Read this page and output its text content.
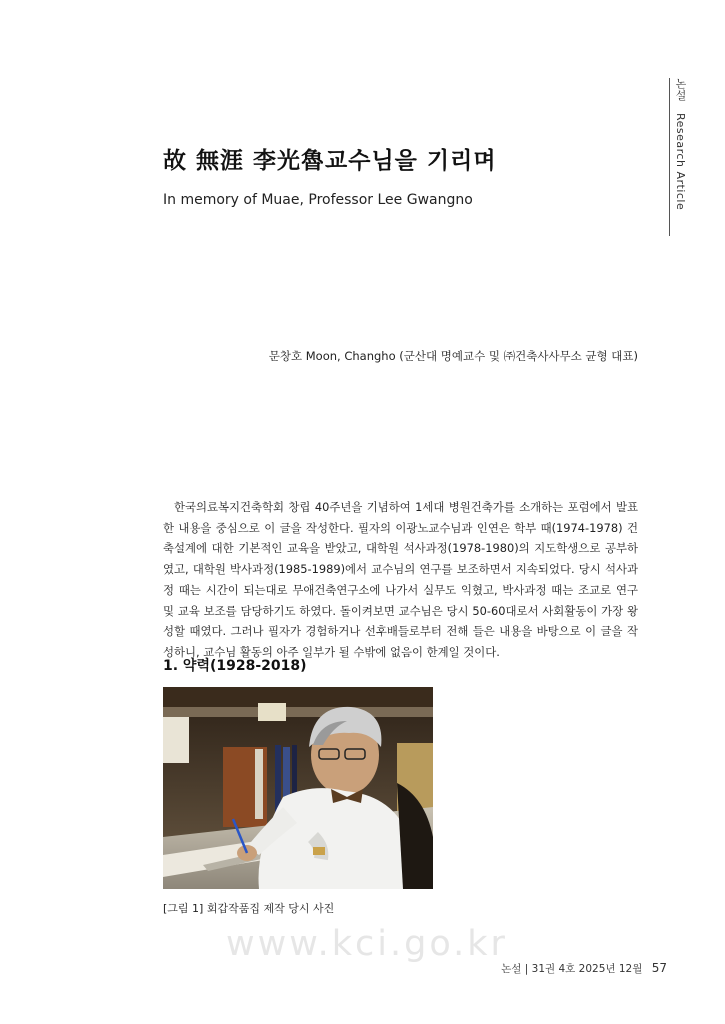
논설 Research Article
故 無涯 李光魯교수님을 기리며

In memory of Muae, Professor Lee Gwangno

문창호 Moon, Changho (군산대 명예교수 및 ㈜건축사사무소 균형 대표)

한국의료복지건축학회 창립 40주년을 기념하여 1세대 병원건축가를 소개하는 포럼에서 발표한 내용을 중심으로 이 글을 작성한다. 필자의 이광노교수님과 인연은 학부 때(1974-1978) 건축설계에 대한 기본적인 교육을 받았고, 대학원 석사과정(1978-1980)의 지도학생으로 공부하였고, 대학원 박사과정(1985-1989)에서 교수님의 연구를 보조하면서 지속되었다. 당시 석사과정 때는 시간이 되는대로 무애건축연구소에 나가서 실무도 익혔고, 박사과정 때는 조교로 연구 및 교육 보조를 담당하기도 하였다. 돌이켜보면 교수님은 당시 50-60대로서 사회활동이 가장 왕성할 때였다. 그러나 필자가 경험하거나 선후배들로부터 전해 들은 내용을 바탕으로 이 글을 작성하니, 교수님 활동의 아주 일부가 될 수밖에 없음이 한계일 것이다.

1. 약력(1928-2018)
[그림 1] 회갑작품집 제작 당시 사진
www.kci.go.kr
논설 | 31권 4호 2025년 12월 57
